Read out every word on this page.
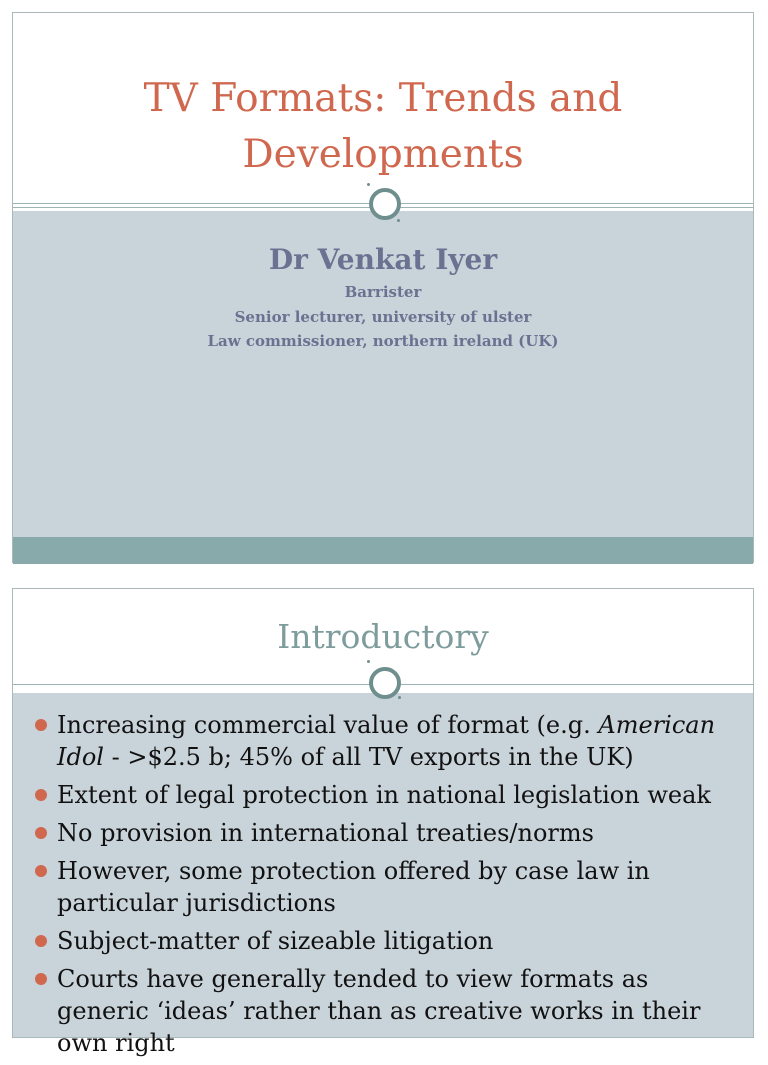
TV Formats: Trends and
Developments
Dr Venkat Iyer
Barrister
Senior lecturer, university of ulster
Law commissioner, northern ireland (UK)
Introductory
Increasing commercial value of format (e.g. American Idol - >$2.5 b; 45% of all TV exports in the UK)
Extent of legal protection in national legislation weak
No provision in international treaties/norms
However, some protection offered by case law in particular jurisdictions
Subject-matter of sizeable litigation
Courts have generally tended to view formats as generic ‘ideas’ rather than as creative works in their own right
